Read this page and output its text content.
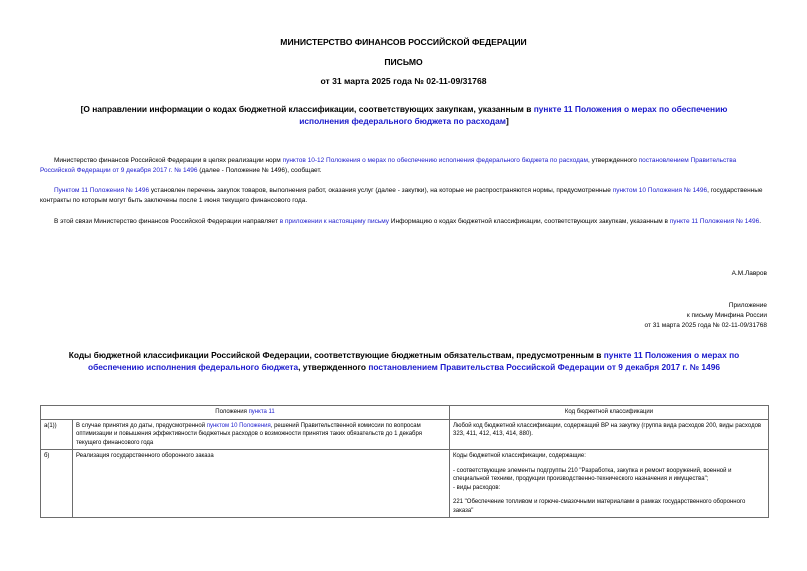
МИНИСТЕРСТВО ФИНАНСОВ РОССИЙСКОЙ ФЕДЕРАЦИИ
ПИСЬМО
от 31 марта 2025 года № 02-11-09/31768
[О направлении информации о кодах бюджетной классификации, соответствующих закупкам, указанным в пункте 11 Положения о мерах по обеспечению исполнения федерального бюджета по расходам]
Министерство финансов Российской Федерации в целях реализации норм пунктов 10-12 Положения о мерах по обеспечению исполнения федерального бюджета по расходам, утвержденного постановлением Правительства Российской Федерации от 9 декабря 2017 г. № 1496 (далее - Положение № 1496), сообщает.
Пунктом 11 Положения № 1496 установлен перечень закупок товаров, выполнения работ, оказания услуг (далее - закупки), на которые не распространяются нормы, предусмотренные пунктом 10 Положения № 1496, государственные контракты по которым могут быть заключены после 1 июня текущего финансового года.
В этой связи Министерство финансов Российской Федерации направляет в приложении к настоящему письму Информацию о кодах бюджетной классификации, соответствующих закупкам, указанным в пункте 11 Положения № 1496.
А.М.Лавров
Приложение
к письму Минфина России
от 31 марта 2025 года № 02-11-09/31768
Коды бюджетной классификации Российской Федерации, соответствующие бюджетным обязательствам, предусмотренным в пункте 11 Положения о мерах по обеспечению исполнения федерального бюджета, утвержденного постановлением Правительства Российской Федерации от 9 декабря 2017 г. № 1496
Положения пункта 11		Код бюджетной классификации
а(1))	В случае принятия до даты, предусмотренной пунктом 10 Положения, решений Правительственной комиссии по вопросам оптимизации и повышения эффективности бюджетных расходов о возможности принятия таких обязательств до 1 декабря текущего финансового года	Любой код бюджетной классификации, содержащий ВР на закупку (группа вида расходов 200, виды расходов 323, 411, 412, 413, 414, 880).
б)	Реализация государственного оборонного заказа	Коды бюджетной классификации, содержащие:
- соответствующие элементы подгруппы 210 "Разработка, закупка и ремонт вооружений, военной и специальной техники, продукции производственно-технического назначения и имущества";
- виды расходов:
221 "Обеспечение топливом и горюче-смазочными материалами в рамках государственного оборонного заказа"
